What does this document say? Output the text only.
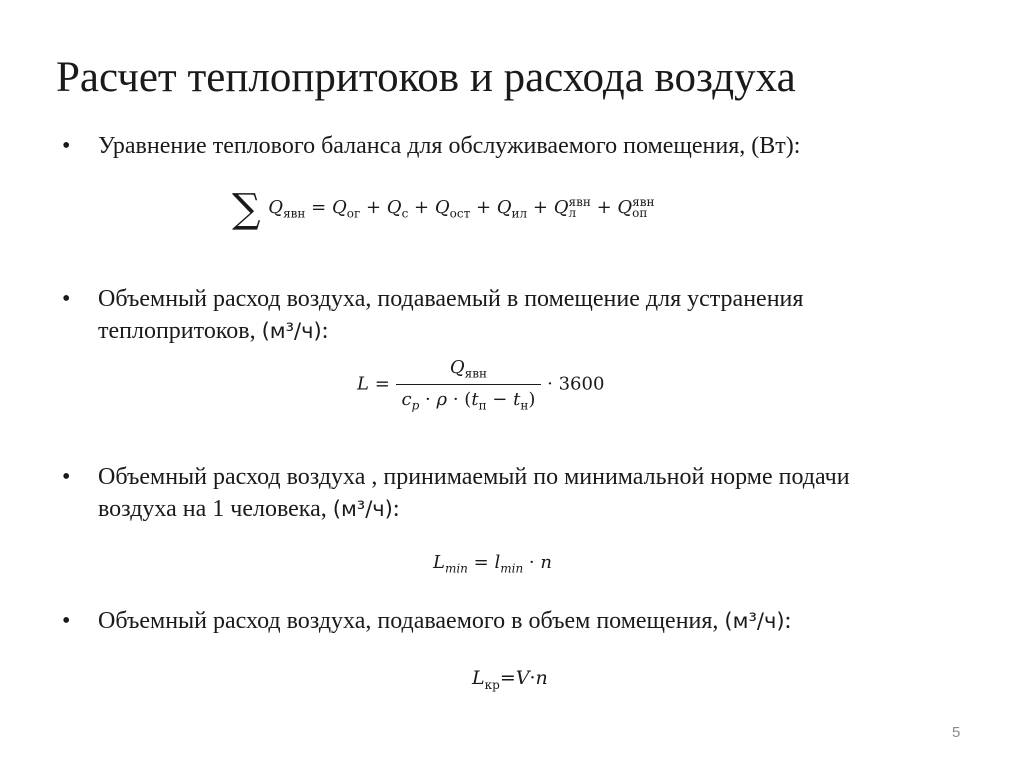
Расчет теплопритоков и расхода воздуха
• Уравнение теплового баланса для обслуживаемого помещения, (Вт):
∑ $Q_{явн} = Q_{ог} + Q_с + Q_{ост} + Q_{ил} + Q$ явн
л	+ Q явн
оп
• Объемный расход воздуха, подаваемый в помещение для устранения теплопритоков, (м³/ч):
$L = \frac{Q_{явн}}{c_p \cdot \rho \cdot (t_п - t_н)} \cdot 3600$
• Объемный расход воздуха , принимаемый по минимальной норме подачи воздуха на 1 человека, (м³/ч):
$L_{min} = l_{min} \cdot n$
• Объемный расход воздуха, подаваемого в объем помещения, (м³/ч):
$L_{кр}=V\cdot n$
5
